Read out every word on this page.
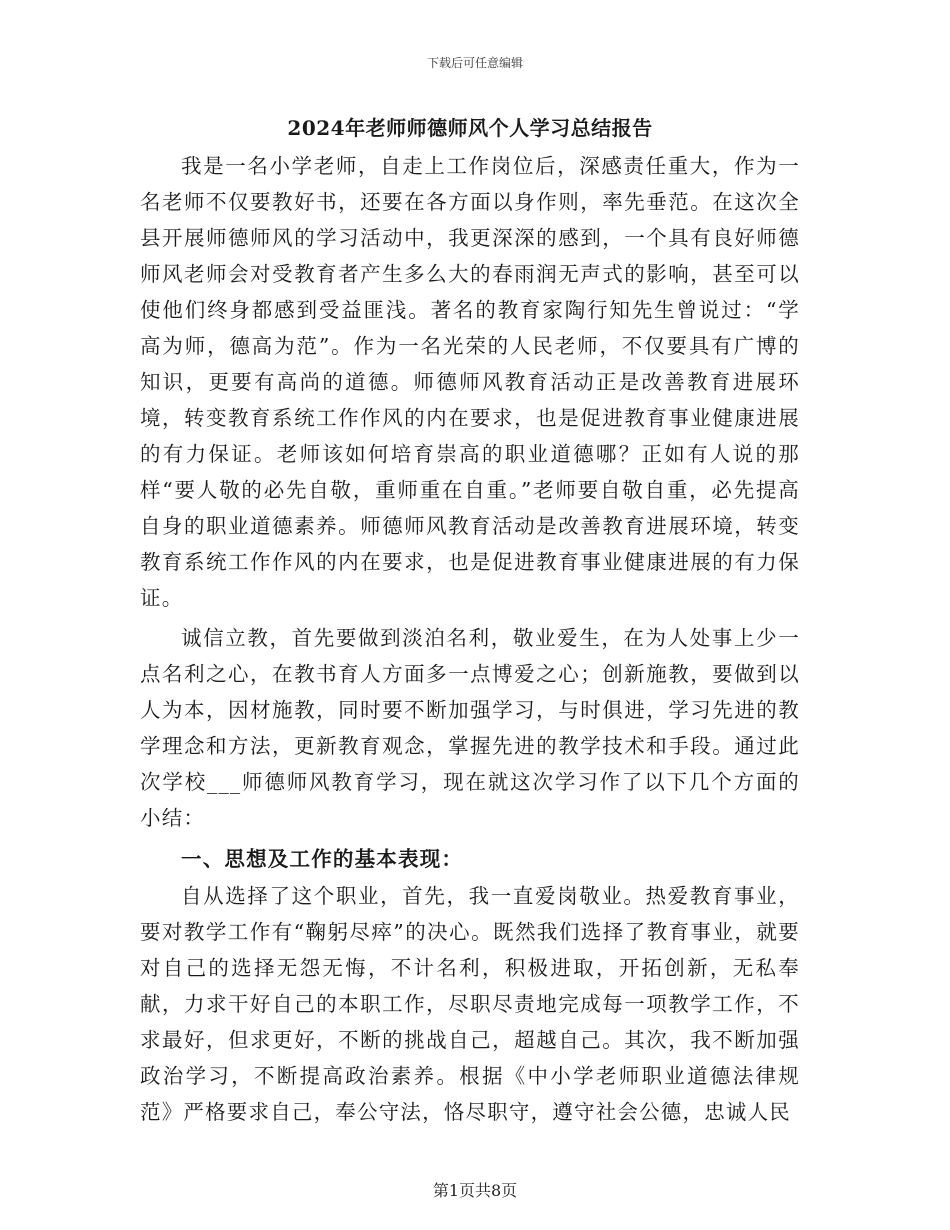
下载后可任意编辑
2024年老师师德师风个人学习总结报告

我是一名小学老师，自走上工作岗位后，深感责任重大，作为一名老师不仅要教好书，还要在各方面以身作则，率先垂范。在这次全县开展师德师风的学习活动中，我更深深的感到，一个具有良好师德师风老师会对受教育者产生多么大的春雨润无声式的影响，甚至可以使他们终身都感到受益匪浅。著名的教育家陶行知先生曾说过：“学高为师，德高为范”。作为一名光荣的人民老师，不仅要具有广博的知识，更要有高尚的道德。师德师风教育活动正是改善教育进展环境，转变教育系统工作作风的内在要求，也是促进教育事业健康进展的有力保证。老师该如何培育崇高的职业道德哪？正如有人说的那样“要人敬的必先自敬，重师重在自重。”老师要自敬自重，必先提高自身的职业道德素养。师德师风教育活动是改善教育进展环境，转变教育系统工作作风的内在要求，也是促进教育事业健康进展的有力保证。

诚信立教，首先要做到淡泊名利，敬业爱生，在为人处事上少一点名利之心，在教书育人方面多一点博爱之心；创新施教，要做到以人为本，因材施教，同时要不断加强学习，与时俱进，学习先进的教学理念和方法，更新教育观念，掌握先进的教学技术和手段。通过此次学校___师德师风教育学习，现在就这次学习作了以下几个方面的小结：

一、思想及工作的基本表现：

自从选择了这个职业，首先，我一直爱岗敬业。热爱教育事业，要对教学工作有“鞠躬尽瘁”的决心。既然我们选择了教育事业，就要对自己的选择无怨无悔，不计名利，积极进取，开拓创新，无私奉献，力求干好自己的本职工作，尽职尽责地完成每一项教学工作，不求最好，但求更好，不断的挑战自己，超越自己。其次，我不断加强政治学习，不断提高政治素养。根据《中小学老师职业道德法律规范》严格要求自己，奉公守法，恪尽职守，遵守社会公德，忠诚人民

第1页共8页
